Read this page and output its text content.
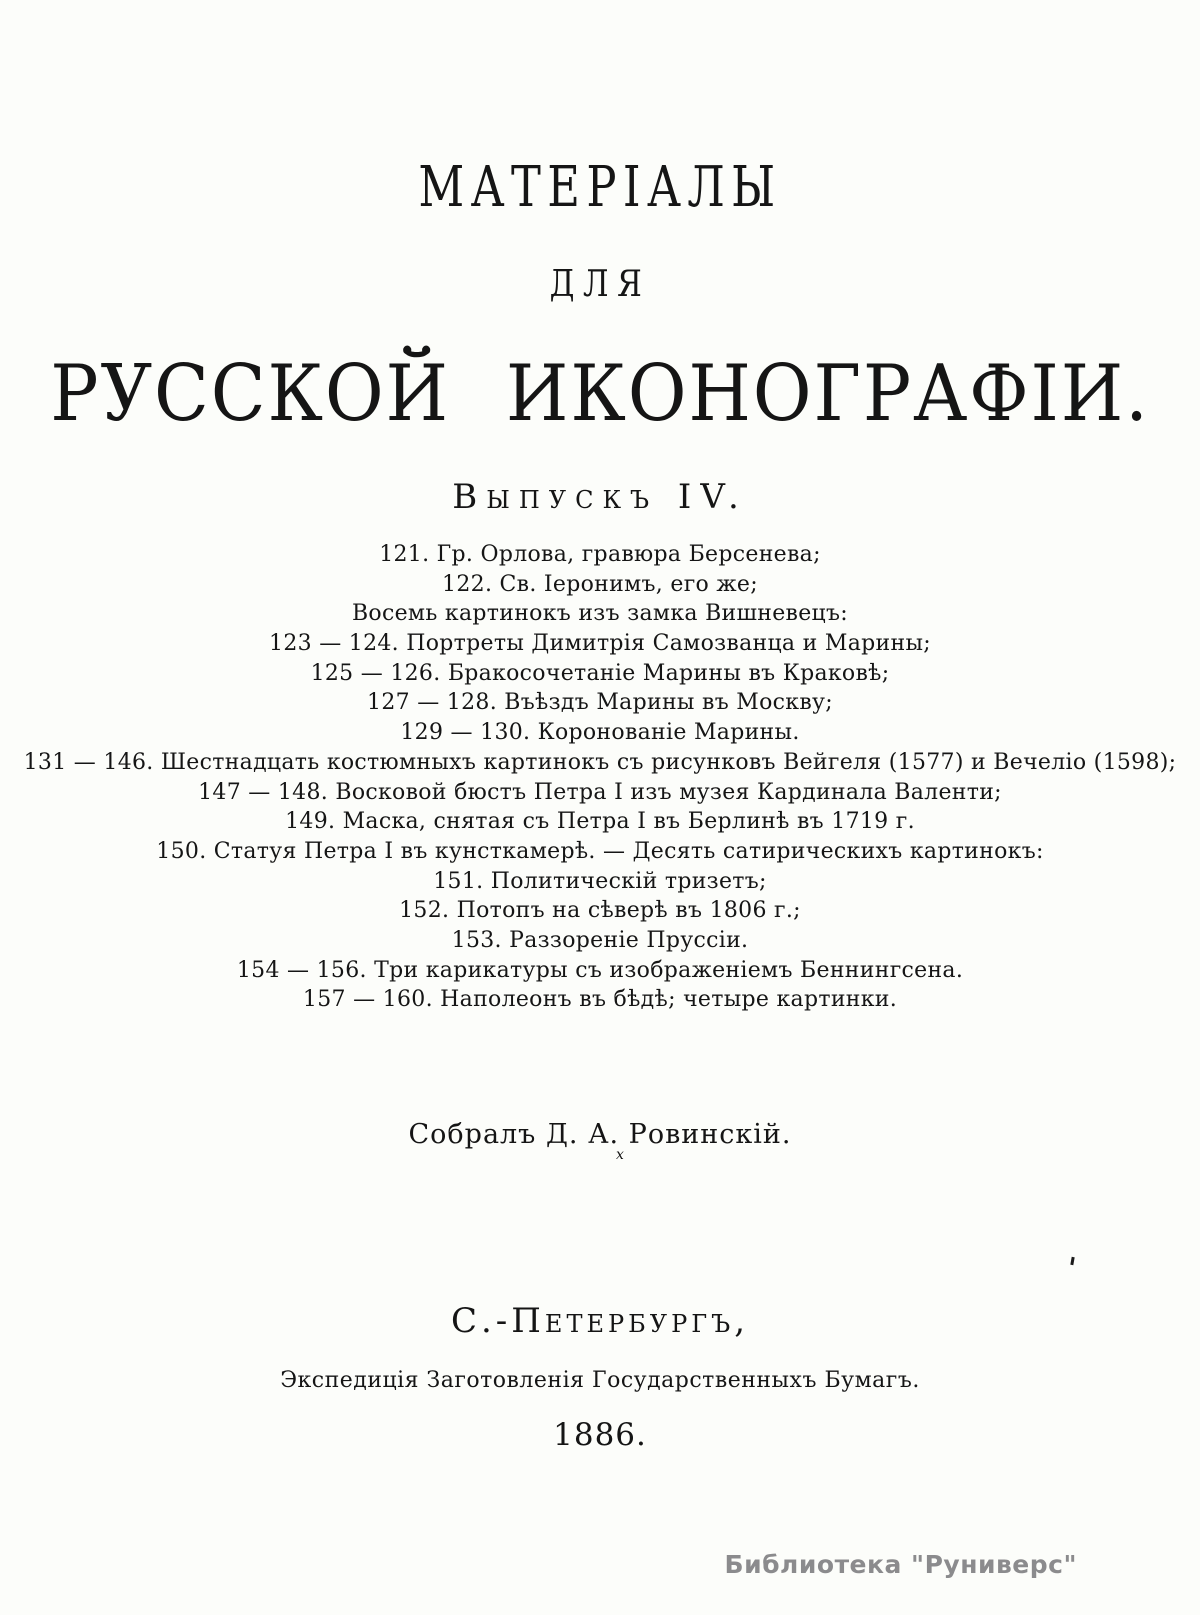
МАТЕРІАЛЫ
ДЛЯ
РУССКОЙ ИКОНОГРАФІИ.
Выпускъ IV.
121. Гр. Орлова, гравюра Берсенева;
122. Св. Іеронимъ, его же;
Восемь картинокъ изъ замка Вишневецъ:
123 — 124. Портреты Димитрія Самозванца и Марины;
125 — 126. Бракосочетаніе Марины въ Краковѣ;
127 — 128. Въѣздъ Марины въ Москву;
129 — 130. Коронованіе Марины.
131 — 146. Шестнадцать костюмныхъ картинокъ съ рисунковъ Вейгеля (1577) и Вечеліо (1598);
147 — 148. Восковой бюстъ Петра I изъ музея Кардинала Валенти;
149. Маска, снятая съ Петра I въ Берлинѣ въ 1719 г.
150. Статуя Петра I въ кунсткамерѣ. — Десять сатирическихъ картинокъ:
151. Политическій тризетъ;
152. Потопъ на сѣверѣ въ 1806 г.;
153. Раззореніе Пруссіи.
154 — 156. Три карикатуры съ изображеніемъ Беннингсена.
157 — 160. Наполеонъ въ бѣдѣ; четыре картинки.
Собралъ Д. А. Ровинскій.
x
С.-Петербургъ,
Экспедиція Заготовленія Государственныхъ Бумагъ.
1886.
Библиотека "Руниверс"
